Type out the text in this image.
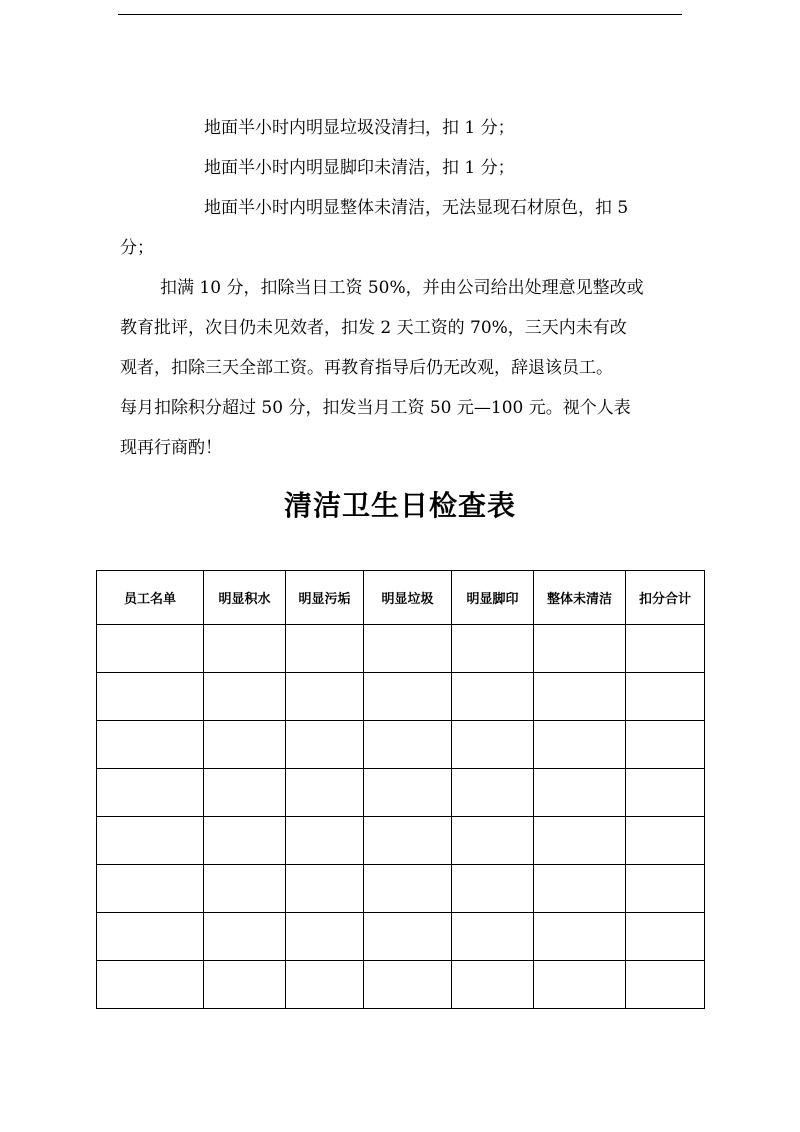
地面半小时内明显垃圾没清扫，扣 1 分；

地面半小时内明显脚印未清洁，扣 1 分；

地面半小时内明显整体未清洁，无法显现石材原色，扣 5

分；

扣满 10 分，扣除当日工资 50%，并由公司给出处理意见整改或

教育批评，次日仍未见效者，扣发 2 天工资的 70%，三天内未有改

观者，扣除三天全部工资。再教育指导后仍无改观，辞退该员工。

每月扣除积分超过 50 分，扣发当月工资 50 元—100 元。视个人表

现再行商酌！

清洁卫生日检查表
员工名单	明显积水	明显污垢	明显垃圾	明显脚印	整体未清洁	扣分合计
